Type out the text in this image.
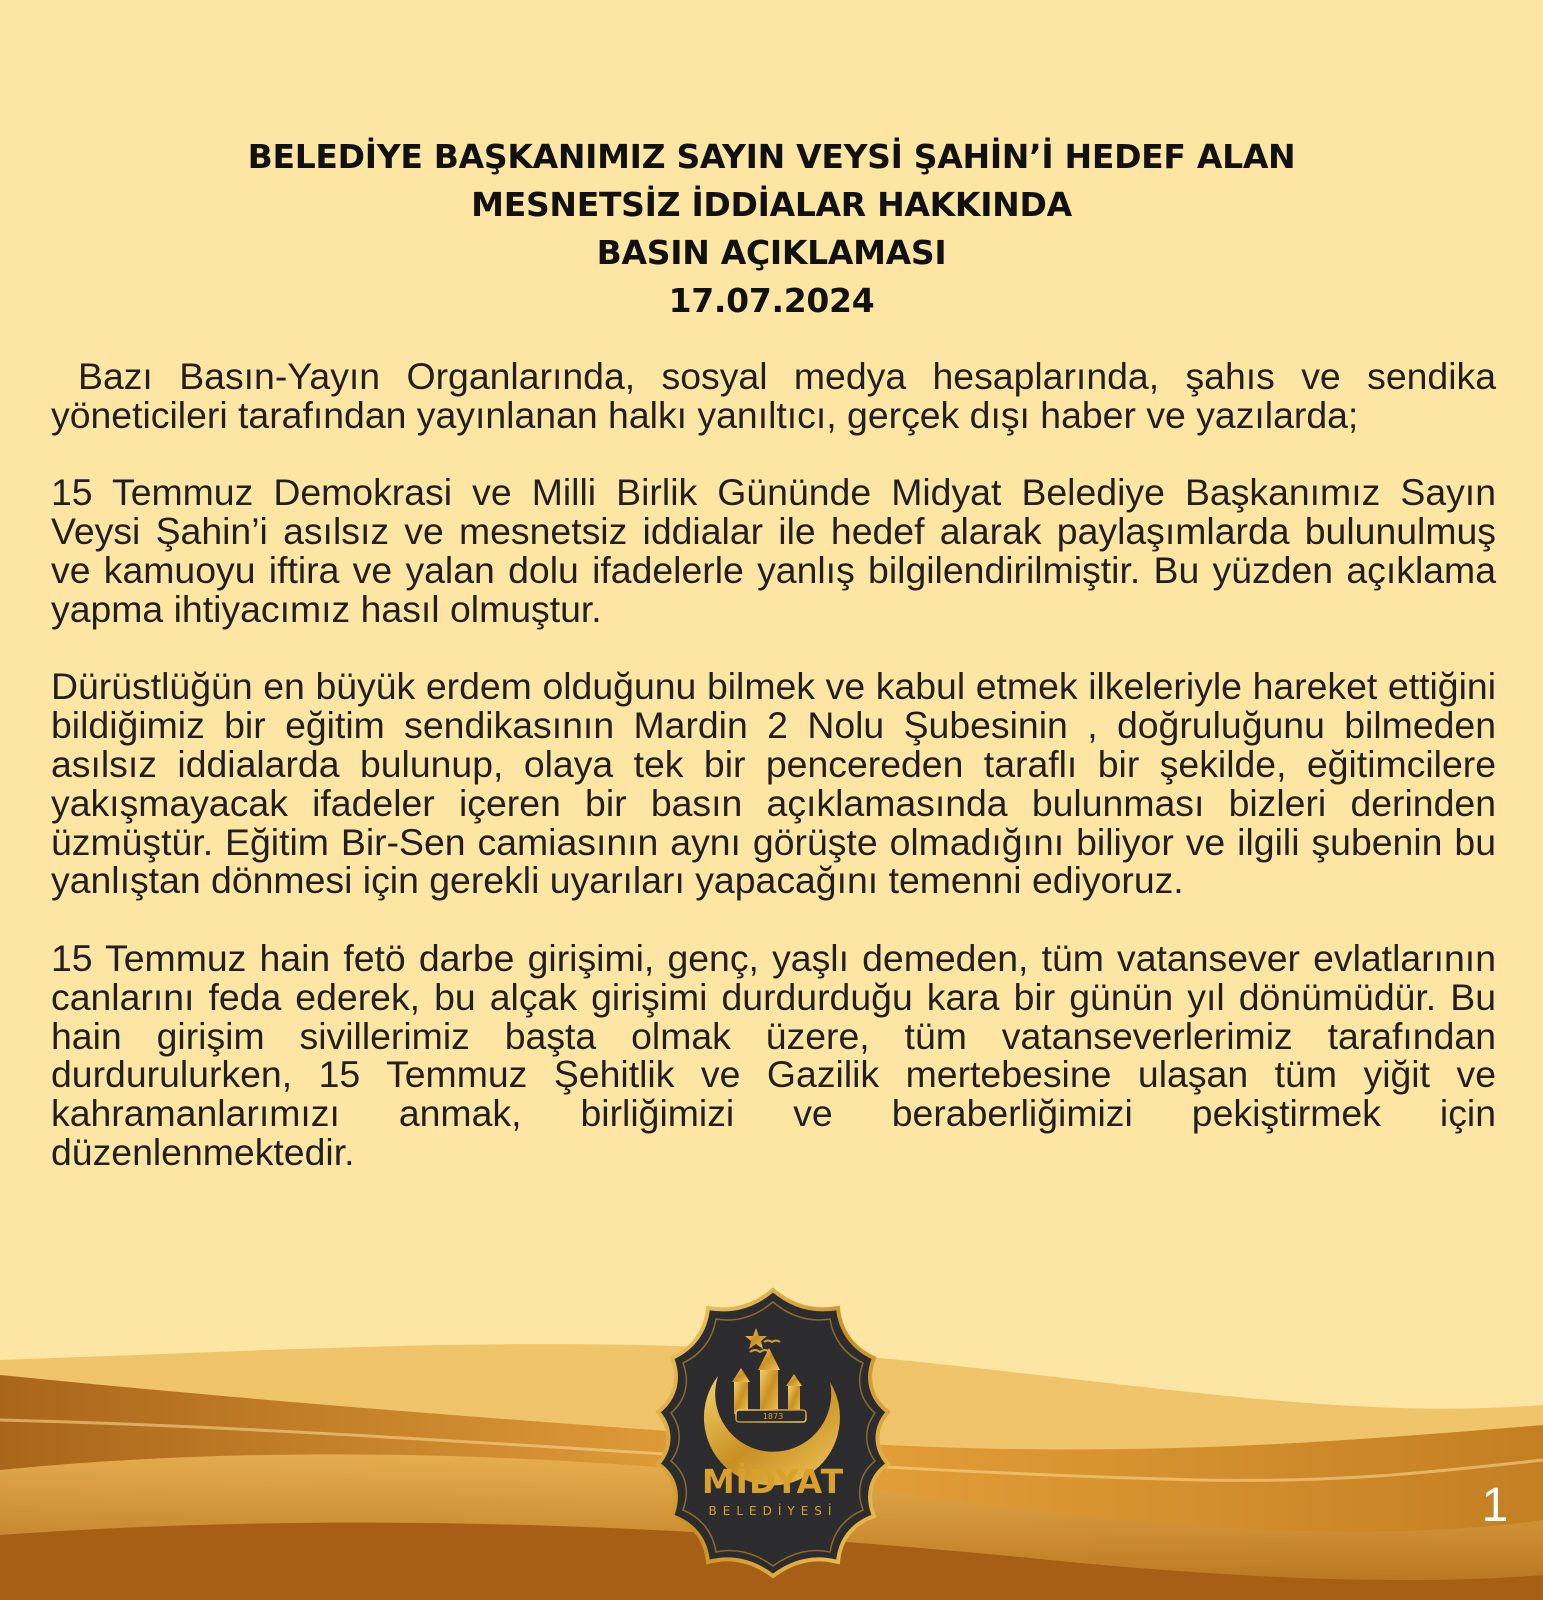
BELEDİYE BAŞKANIMIZ SAYIN VEYSİ ŞAHİN’İ HEDEF ALAN
MESNETSİZ İDDİALAR HAKKINDA
BASIN AÇIKLAMASI
17.07.2024

Bazı Basın-Yayın Organlarında, sosyal medya hesaplarında, şahıs ve sendika yöneticileri tarafından yayınlanan halkı yanıltıcı, gerçek dışı haber ve yazılarda;

15 Temmuz Demokrasi ve Milli Birlik Gününde Midyat Belediye Başkanımız Sayın Veysi Şahin’i asılsız ve mesnetsiz iddialar ile hedef alarak paylaşımlarda bulunulmuş ve kamuoyu iftira ve yalan dolu ifadelerle yanlış bilgilendirilmiştir. Bu yüzden açıklama yapma ihtiyacımız hasıl olmuştur.

Dürüstlüğün en büyük erdem olduğunu bilmek ve kabul etmek ilkeleriyle hareket ettiğini bildiğimiz bir eğitim sendikasının Mardin 2 Nolu Şubesinin , doğruluğunu bilmeden asılsız iddialarda bulunup, olaya tek bir pencereden taraflı bir şekilde, eğitimcilere yakışmayacak ifadeler içeren bir basın açıklamasında bulunması bizleri derinden üzmüştür. Eğitim Bir-Sen camiasının aynı görüşte olmadığını biliyor ve ilgili şubenin bu yanlıştan dönmesi için gerekli uyarıları yapacağını temenni ediyoruz.

15 Temmuz hain fetö darbe girişimi, genç, yaşlı demeden, tüm vatansever evlatlarının canlarını feda ederek, bu alçak girişimi durdurduğu kara bir günün yıl dönümüdür. Bu hain girişim sivillerimiz başta olmak üzere, tüm vatanseverlerimiz tarafından durdurulurken, 15 Temmuz Şehitlik ve Gazilik mertebesine ulaşan tüm yiğit ve kahramanlarımızı anmak, birliğimizi ve beraberliğimizi pekiştirmek için düzenlenmektedir.

1873
MİDYAT
BELEDİYESİ	1
